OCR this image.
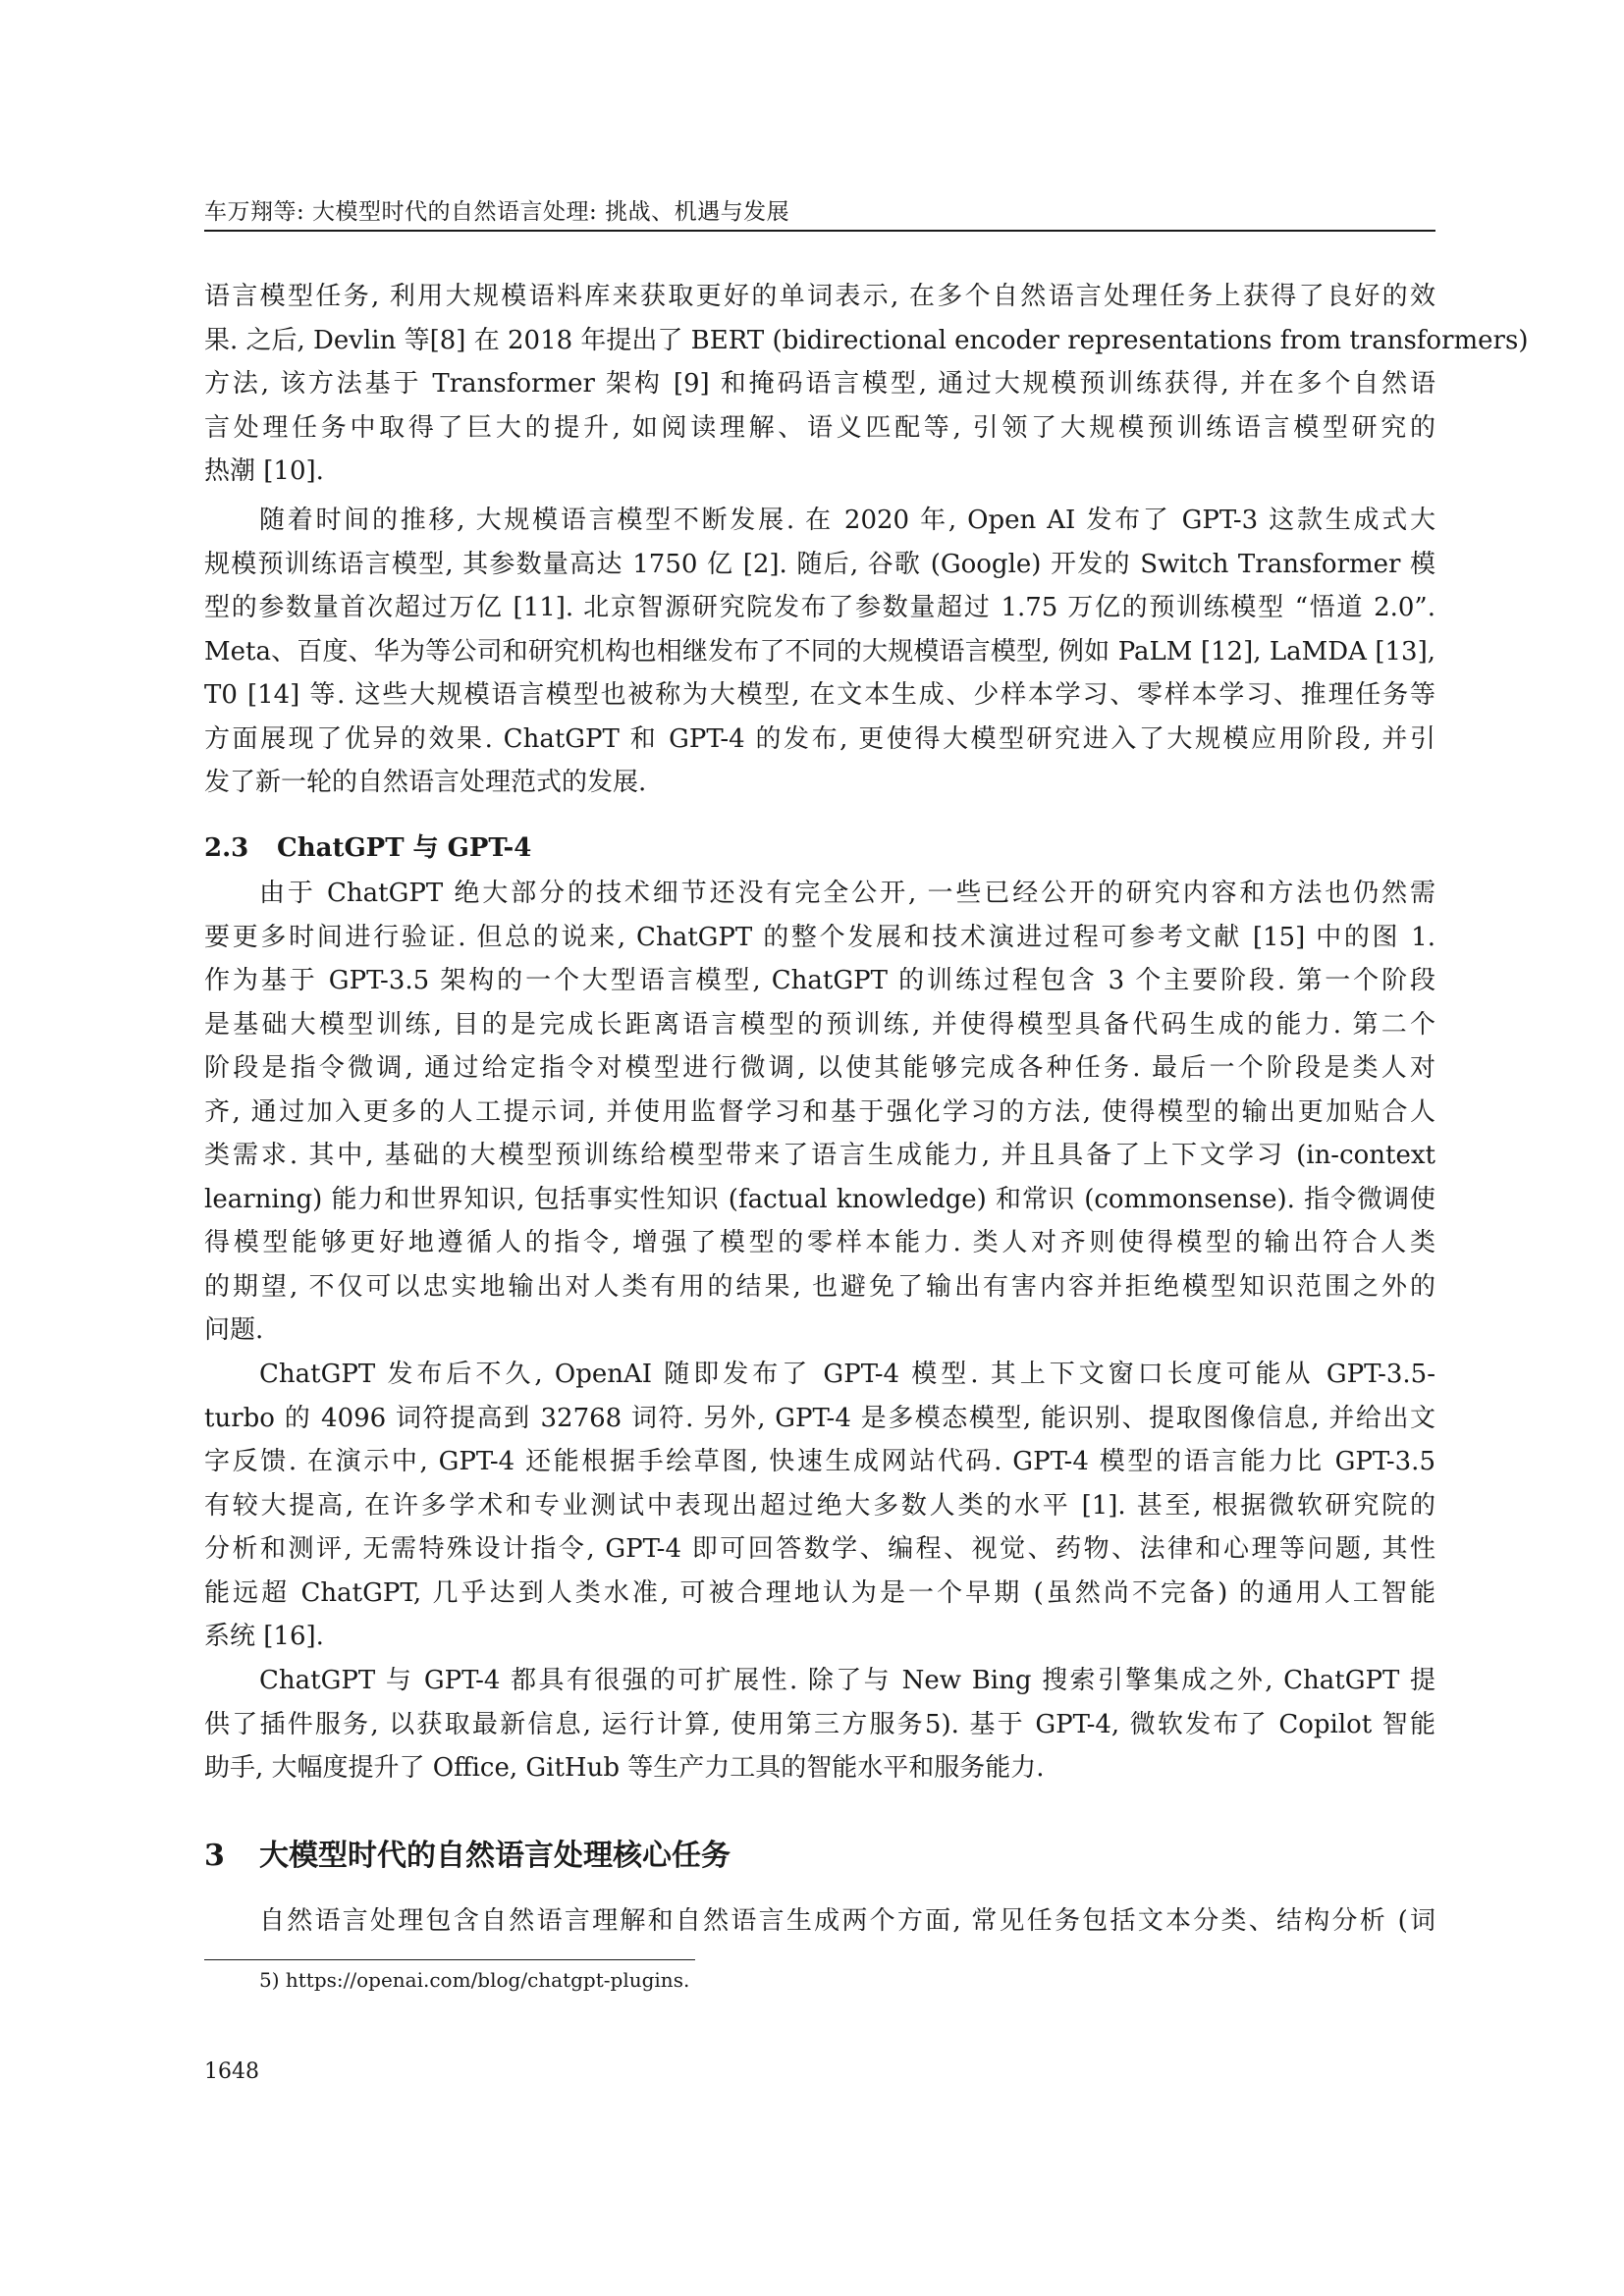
车万翔等: 大模型时代的自然语言处理: 挑战、机遇与发展

语言模型任务, 利用大规模语料库来获取更好的单词表示, 在多个自然语言处理任务上获得了良好的效
果. 之后, Devlin 等[8] 在 2018 年提出了 BERT (bidirectional encoder representations from transformers)
方法, 该方法基于 Transformer 架构 [9] 和掩码语言模型, 通过大规模预训练获得, 并在多个自然语
言处理任务中取得了巨大的提升, 如阅读理解、语义匹配等, 引领了大规模预训练语言模型研究的
热潮 [10].

随着时间的推移, 大规模语言模型不断发展. 在 2020 年, Open AI 发布了 GPT-3 这款生成式大
规模预训练语言模型, 其参数量高达 1750 亿 [2]. 随后, 谷歌 (Google) 开发的 Switch Transformer 模
型的参数量首次超过万亿 [11]. 北京智源研究院发布了参数量超过 1.75 万亿的预训练模型 “悟道 2.0”.
Meta、百度、华为等公司和研究机构也相继发布了不同的大规模语言模型, 例如 PaLM [12], LaMDA [13],
T0 [14] 等. 这些大规模语言模型也被称为大模型, 在文本生成、少样本学习、零样本学习、推理任务等
方面展现了优异的效果. ChatGPT 和 GPT-4 的发布, 更使得大模型研究进入了大规模应用阶段, 并引
发了新一轮的自然语言处理范式的发展.

2.3 ChatGPT 与 GPT-4

由于 ChatGPT 绝大部分的技术细节还没有完全公开, 一些已经公开的研究内容和方法也仍然需
要更多时间进行验证. 但总的说来, ChatGPT 的整个发展和技术演进过程可参考文献 [15] 中的图 1.
作为基于 GPT-3.5 架构的一个大型语言模型, ChatGPT 的训练过程包含 3 个主要阶段. 第一个阶段
是基础大模型训练, 目的是完成长距离语言模型的预训练, 并使得模型具备代码生成的能力. 第二个
阶段是指令微调, 通过给定指令对模型进行微调, 以使其能够完成各种任务. 最后一个阶段是类人对
齐, 通过加入更多的人工提示词, 并使用监督学习和基于强化学习的方法, 使得模型的输出更加贴合人
类需求. 其中, 基础的大模型预训练给模型带来了语言生成能力, 并且具备了上下文学习 (in-context
learning) 能力和世界知识, 包括事实性知识 (factual knowledge) 和常识 (commonsense). 指令微调使
得模型能够更好地遵循人的指令, 增强了模型的零样本能力. 类人对齐则使得模型的输出符合人类
的期望, 不仅可以忠实地输出对人类有用的结果, 也避免了输出有害内容并拒绝模型知识范围之外的
问题.

ChatGPT 发布后不久, OpenAI 随即发布了 GPT-4 模型. 其上下文窗口长度可能从 GPT-3.5-
turbo 的 4096 词符提高到 32768 词符. 另外, GPT-4 是多模态模型, 能识别、提取图像信息, 并给出文
字反馈. 在演示中, GPT-4 还能根据手绘草图, 快速生成网站代码. GPT-4 模型的语言能力比 GPT-3.5
有较大提高, 在许多学术和专业测试中表现出超过绝大多数人类的水平 [1]. 甚至, 根据微软研究院的
分析和测评, 无需特殊设计指令, GPT-4 即可回答数学、编程、视觉、药物、法律和心理等问题, 其性
能远超 ChatGPT, 几乎达到人类水准, 可被合理地认为是一个早期 (虽然尚不完备) 的通用人工智能
系统 [16].

ChatGPT 与 GPT-4 都具有很强的可扩展性. 除了与 New Bing 搜索引擎集成之外, ChatGPT 提
供了插件服务, 以获取最新信息, 运行计算, 使用第三方服务5). 基于 GPT-4, 微软发布了 Copilot 智能
助手, 大幅度提升了 Office, GitHub 等生产力工具的智能水平和服务能力.

3 大模型时代的自然语言处理核心任务

自然语言处理包含自然语言理解和自然语言生成两个方面, 常见任务包括文本分类、结构分析 (词

5) https://openai.com/blog/chatgpt-plugins.
1648
